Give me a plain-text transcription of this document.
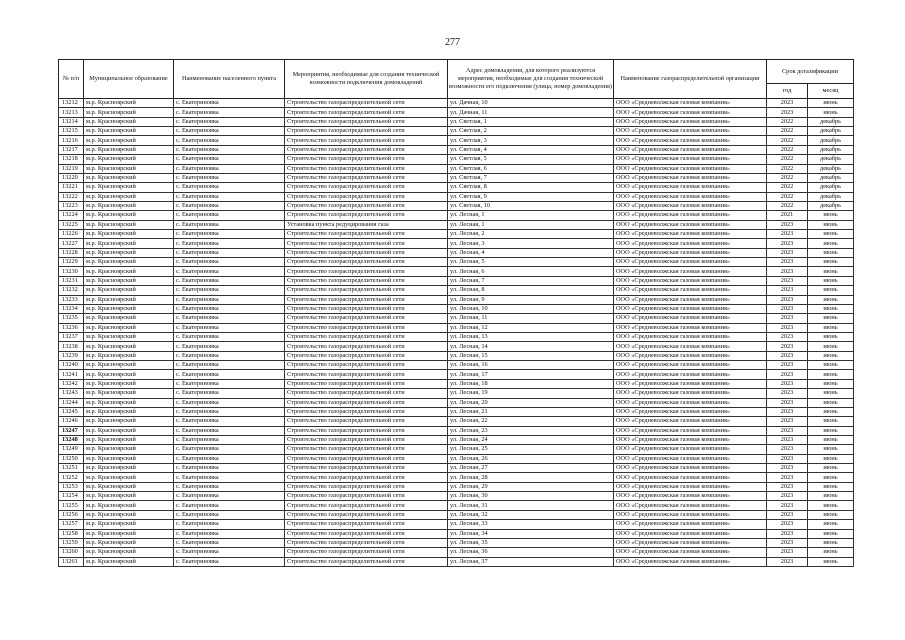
277
№ п/п	Муниципальное образование	Наименование населенного пункта	Мероприятия, необходимые для создания технической возможности подключения домовладений	Адрес домовладения, для которого реализуются мероприятия, необходимые для создания технической возможности его подключения (улица, номер домовладения)	Наименование газораспределительной организации	Срок догазификации	
						год	месяц
13212	м.р. Красноярский	с. Екатериновка	Строительство газораспределительной сети	ул. Дачная, 10	ООО «Средневолжская газовая компания»	2023	июнь
13213	м.р. Красноярский	с. Екатериновка	Строительство газораспределительной сети	ул. Дачная, 11	ООО «Средневолжская газовая компания»	2023	июнь
13214	м.р. Красноярский	с. Екатериновка	Строительство газораспределительной сети	ул. Светлая, 1	ООО «Средневолжская газовая компания»	2022	декабрь
13215	м.р. Красноярский	с. Екатериновка	Строительство газораспределительной сети	ул. Светлая, 2	ООО «Средневолжская газовая компания»	2022	декабрь
13216	м.р. Красноярский	с. Екатериновка	Строительство газораспределительной сети	ул. Светлая, 3	ООО «Средневолжская газовая компания»	2022	декабрь
13217	м.р. Красноярский	с. Екатериновка	Строительство газораспределительной сети	ул. Светлая, 4	ООО «Средневолжская газовая компания»	2022	декабрь
13218	м.р. Красноярский	с. Екатериновка	Строительство газораспределительной сети	ул. Светлая, 5	ООО «Средневолжская газовая компания»	2022	декабрь
13219	м.р. Красноярский	с. Екатериновка	Строительство газораспределительной сети	ул. Светлая, 6	ООО «Средневолжская газовая компания»	2022	декабрь
13220	м.р. Красноярский	с. Екатериновка	Строительство газораспределительной сети	ул. Светлая, 7	ООО «Средневолжская газовая компания»	2022	декабрь
13221	м.р. Красноярский	с. Екатериновка	Строительство газораспределительной сети	ул. Светлая, 8	ООО «Средневолжская газовая компания»	2022	декабрь
13222	м.р. Красноярский	с. Екатериновка	Строительство газораспределительной сети	ул. Светлая, 9	ООО «Средневолжская газовая компания»	2022	декабрь
13223	м.р. Красноярский	с. Екатериновка	Строительство газораспределительной сети	ул. Светлая, 10	ООО «Средневолжская газовая компания»	2022	декабрь
13224	м.р. Красноярский	с. Екатериновка	Строительство газораспределительной сети	ул. Лесная, 1	ООО «Средневолжская газовая компания»	2021	июнь
13225	м.р. Красноярский	с. Екатериновка	Установка пункта редуцирования газа	ул. Лесная, 1	ООО «Средневолжская газовая компания»	2023	июнь
13226	м.р. Красноярский	с. Екатериновка	Строительство газораспределительной сети	ул. Лесная, 2	ООО «Средневолжская газовая компания»	2023	июнь
13227	м.р. Красноярский	с. Екатериновка	Строительство газораспределительной сети	ул. Лесная, 3	ООО «Средневолжская газовая компания»	2023	июнь
13228	м.р. Красноярский	с. Екатериновка	Строительство газораспределительной сети	ул. Лесная, 4	ООО «Средневолжская газовая компания»	2023	июнь
13229	м.р. Красноярский	с. Екатериновка	Строительство газораспределительной сети	ул. Лесная, 5	ООО «Средневолжская газовая компания»	2023	июнь
13230	м.р. Красноярский	с. Екатериновка	Строительство газораспределительной сети	ул. Лесная, 6	ООО «Средневолжская газовая компания»	2023	июнь
13231	м.р. Красноярский	с. Екатериновка	Строительство газораспределительной сети	ул. Лесная, 7	ООО «Средневолжская газовая компания»	2023	июнь
13232	м.р. Красноярский	с. Екатериновка	Строительство газораспределительной сети	ул. Лесная, 8	ООО «Средневолжская газовая компания»	2023	июнь
13233	м.р. Красноярский	с. Екатериновка	Строительство газораспределительной сети	ул. Лесная, 9	ООО «Средневолжская газовая компания»	2023	июнь
13234	м.р. Красноярский	с. Екатериновка	Строительство газораспределительной сети	ул. Лесная, 10	ООО «Средневолжская газовая компания»	2023	июнь
13235	м.р. Красноярский	с. Екатериновка	Строительство газораспределительной сети	ул. Лесная, 11	ООО «Средневолжская газовая компания»	2023	июнь
13236	м.р. Красноярский	с. Екатериновка	Строительство газораспределительной сети	ул. Лесная, 12	ООО «Средневолжская газовая компания»	2023	июнь
13237	м.р. Красноярский	с. Екатериновка	Строительство газораспределительной сети	ул. Лесная, 13	ООО «Средневолжская газовая компания»	2023	июнь
13238	м.р. Красноярский	с. Екатериновка	Строительство газораспределительной сети	ул. Лесная, 14	ООО «Средневолжская газовая компания»	2023	июнь
13239	м.р. Красноярский	с. Екатериновка	Строительство газораспределительной сети	ул. Лесная, 15	ООО «Средневолжская газовая компания»	2023	июнь
13240	м.р. Красноярский	с. Екатериновка	Строительство газораспределительной сети	ул. Лесная, 16	ООО «Средневолжская газовая компания»	2023	июнь
13241	м.р. Красноярский	с. Екатериновка	Строительство газораспределительной сети	ул. Лесная, 17	ООО «Средневолжская газовая компания»	2023	июнь
13242	м.р. Красноярский	с. Екатериновка	Строительство газораспределительной сети	ул. Лесная, 18	ООО «Средневолжская газовая компания»	2023	июнь
13243	м.р. Красноярский	с. Екатериновка	Строительство газораспределительной сети	ул. Лесная, 19	ООО «Средневолжская газовая компания»	2023	июнь
13244	м.р. Красноярский	с. Екатериновка	Строительство газораспределительной сети	ул. Лесная, 20	ООО «Средневолжская газовая компания»	2023	июнь
13245	м.р. Красноярский	с. Екатериновка	Строительство газораспределительной сети	ул. Лесная, 21	ООО «Средневолжская газовая компания»	2023	июнь
13246	м.р. Красноярский	с. Екатериновка	Строительство газораспределительной сети	ул. Лесная, 22	ООО «Средневолжская газовая компания»	2023	июнь
13247	м.р. Красноярский	с. Екатериновка	Строительство газораспределительной сети	ул. Лесная, 23	ООО «Средневолжская газовая компания»	2023	июнь
13248	м.р. Красноярский	с. Екатериновка	Строительство газораспределительной сети	ул. Лесная, 24	ООО «Средневолжская газовая компания»	2023	июнь
13249	м.р. Красноярский	с. Екатериновка	Строительство газораспределительной сети	ул. Лесная, 25	ООО «Средневолжская газовая компания»	2023	июнь
13250	м.р. Красноярский	с. Екатериновка	Строительство газораспределительной сети	ул. Лесная, 26	ООО «Средневолжская газовая компания»	2023	июнь
13251	м.р. Красноярский	с. Екатериновка	Строительство газораспределительной сети	ул. Лесная, 27	ООО «Средневолжская газовая компания»	2023	июнь
13252	м.р. Красноярский	с. Екатериновка	Строительство газораспределительной сети	ул. Лесная, 28	ООО «Средневолжская газовая компания»	2023	июнь
13253	м.р. Красноярский	с. Екатериновка	Строительство газораспределительной сети	ул. Лесная, 29	ООО «Средневолжская газовая компания»	2023	июнь
13254	м.р. Красноярский	с. Екатериновка	Строительство газораспределительной сети	ул. Лесная, 30	ООО «Средневолжская газовая компания»	2023	июнь
13255	м.р. Красноярский	с. Екатериновка	Строительство газораспределительной сети	ул. Лесная, 31	ООО «Средневолжская газовая компания»	2023	июнь
13256	м.р. Красноярский	с. Екатериновка	Строительство газораспределительной сети	ул. Лесная, 32	ООО «Средневолжская газовая компания»	2023	июнь
13257	м.р. Красноярский	с. Екатериновка	Строительство газораспределительной сети	ул. Лесная, 33	ООО «Средневолжская газовая компания»	2023	июнь
13258	м.р. Красноярский	с. Екатериновка	Строительство газораспределительной сети	ул. Лесная, 34	ООО «Средневолжская газовая компания»	2023	июнь
13259	м.р. Красноярский	с. Екатериновка	Строительство газораспределительной сети	ул. Лесная, 35	ООО «Средневолжская газовая компания»	2023	июнь
13260	м.р. Красноярский	с. Екатериновка	Строительство газораспределительной сети	ул. Лесная, 36	ООО «Средневолжская газовая компания»	2023	июнь
13261	м.р. Красноярский	с. Екатериновка	Строительство газораспределительной сети	ул. Лесная, 37	ООО «Средневолжская газовая компания»	2023	июнь
